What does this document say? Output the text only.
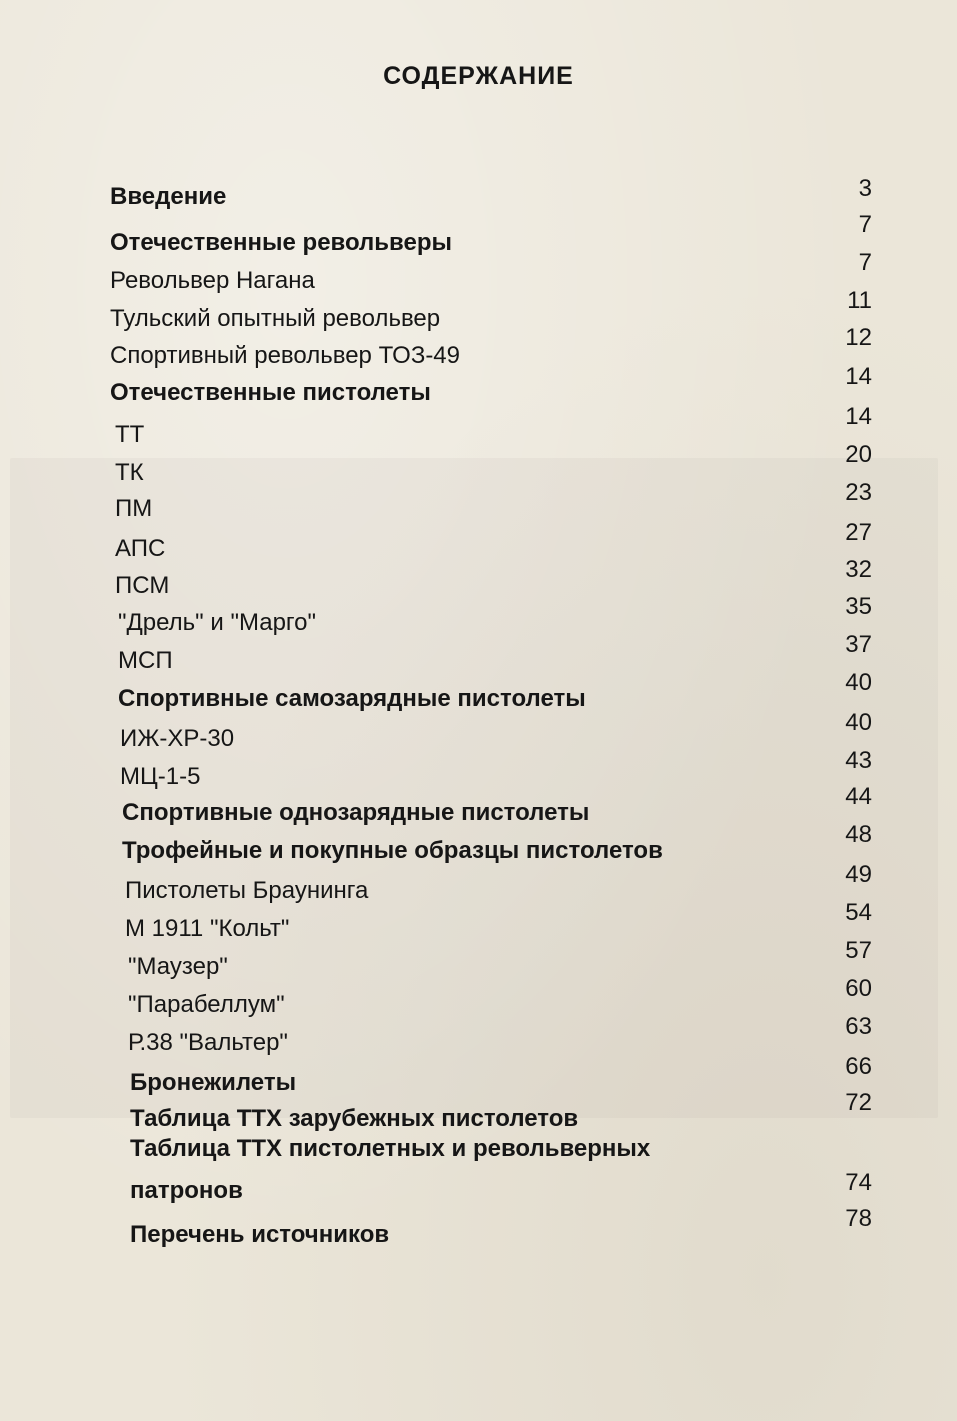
СОДЕРЖАНИЕ
Введение	3
Отечественные револьверы
7
Револьвер Нагана
7
Тульский опытный револьвер
11
Спортивный револьвер ТОЗ-49
12
Отечественные пистолеты
14
ТТ
14
ТК
20
ПМ
23
АПС
27
ПСМ
32
"Дрель" и "Марго"
35
МСП
37
Спортивные самозарядные пистолеты
40
ИЖ-ХР-30
40
МЦ-1-5
43
Спортивные однозарядные пистолеты
44
Трофейные и покупные образцы пистолетов
48
Пистолеты Браунинга
49
М 1911 "Кольт"
54
"Маузер"
57
"Парабеллум"
60
Р.38 "Вальтер"
63
Бронежилеты
66
Таблица ТТХ зарубежных пистолетов
72
Таблица ТТХ пистолетных и револьверных
патронов	74
Перечень источников
78
